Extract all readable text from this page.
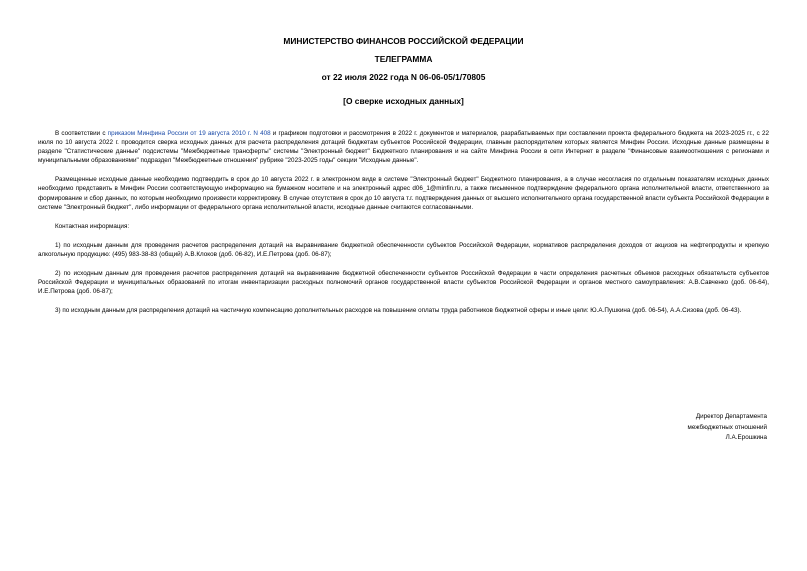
МИНИСТЕРСТВО ФИНАНСОВ РОССИЙСКОЙ ФЕДЕРАЦИИ
ТЕЛЕГРАММА
от 22 июля 2022 года N 06-06-05/1/70805
[О сверке исходных данных]

В соответствии с приказом Минфина России от 19 августа 2010 г. N 408 и графиком подготовки и рассмотрения в 2022 г. документов и материалов, разрабатываемых при составлении проекта федерального бюджета на 2023-2025 гг., с 22 июля по 10 августа 2022 г. проводится сверка исходных данных для расчета распределения дотаций бюджетам субъектов Российской Федерации, главным распорядителем которых является Минфин России. Исходные данные размещены в разделе "Статистические данные" подсистемы "Межбюджетные трансферты" системы "Электронный бюджет" Бюджетного планирования и на сайте Минфина России в сети Интернет в разделе "Финансовые взаимоотношения с регионами и муниципальными образованиями" подраздел "Межбюджетные отношения" рубрике "2023-2025 годы" секции "Исходные данные".

Размещенные исходные данные необходимо подтвердить в срок до 10 августа 2022 г. в электронном виде в системе "Электронный бюджет" Бюджетного планирования, а в случае несогласия по отдельным показателям исходных данных необходимо представить в Минфин России соответствующую информацию на бумажном носителе и на электронный адрес d06_1@minfin.ru, а также письменное подтверждение федерального органа исполнительной власти, ответственного за формирование и сбор данных, по которым необходимо произвести корректировку. В случае отсутствия в срок до 10 августа т.г. подтверждения данных от высшего исполнительного органа государственной власти субъекта Российской Федерации в системе "Электронный бюджет", либо информации от федерального органа исполнительной власти, исходные данные считаются согласованными.

Контактная информация:

1) по исходным данным для проведения расчетов распределения дотаций на выравнивание бюджетной обеспеченности субъектов Российской Федерации, нормативов распределения доходов от акцизов на нефтепродукты и крепкую алкогольную продукцию: (495) 983-38-83 (общий) А.В.Клоков (доб. 06-82), И.Е.Петрова (доб. 06-87);

2) по исходным данным для проведения расчетов распределения дотаций на выравнивание бюджетной обеспеченности субъектов Российской Федерации в части определения расчетных объемов расходных обязательств субъектов Российской Федерации и муниципальных образований по итогам инвентаризации расходных полномочий органов государственной власти субъектов Российской Федерации и органов местного самоуправления: А.В.Савченко (доб. 06-64), И.Е.Петрова (доб. 06-87);

3) по исходным данным для распределения дотаций на частичную компенсацию дополнительных расходов на повышение оплаты труда работников бюджетной сферы и иные цели: Ю.А.Пушкина (доб. 06-54), А.А.Сизова (доб. 06-43).

Директор Департамента
межбюджетных отношений
Л.А.Ерошкина
